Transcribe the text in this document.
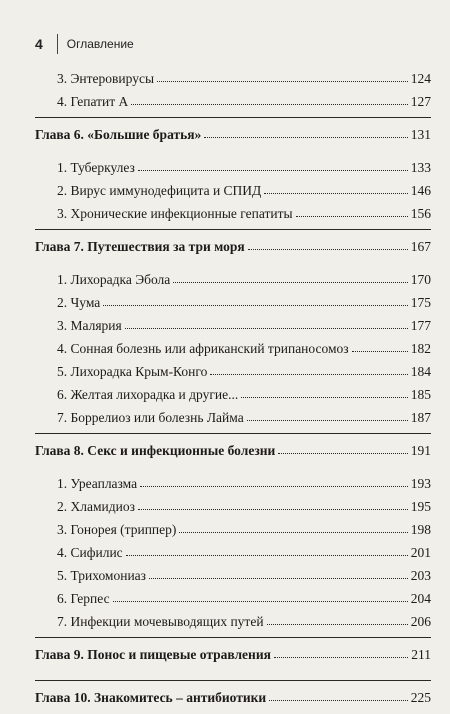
4 Оглавление
3. Энтеровирусы	124
4. Гепатит А	127
Глава 6. «Большие братья»	131
1. Туберкулез	133
2. Вирус иммунодефицита и СПИД	146
3. Хронические инфекционные гепатиты	156
Глава 7. Путешествия за три моря	167
1. Лихорадка Эбола	170
2. Чума	175
3. Малярия	177
4. Сонная болезнь или африканский трипаносомоз	182
5. Лихорадка Крым-Конго	184
6. Желтая лихорадка и другие...	185
7. Боррелиоз или болезнь Лайма	187
Глава 8. Секс и инфекционные болезни	191
1. Уреаплазма	193
2. Хламидиоз	195
3. Гонорея (триппер)	198
4. Сифилис	201
5. Трихомониаз	203
6. Герпес	204
7. Инфекции мочевыводящих путей	206
Глава 9. Понос и пищевые отравления	211
Глава 10. Знакомитесь – антибиотики	225
